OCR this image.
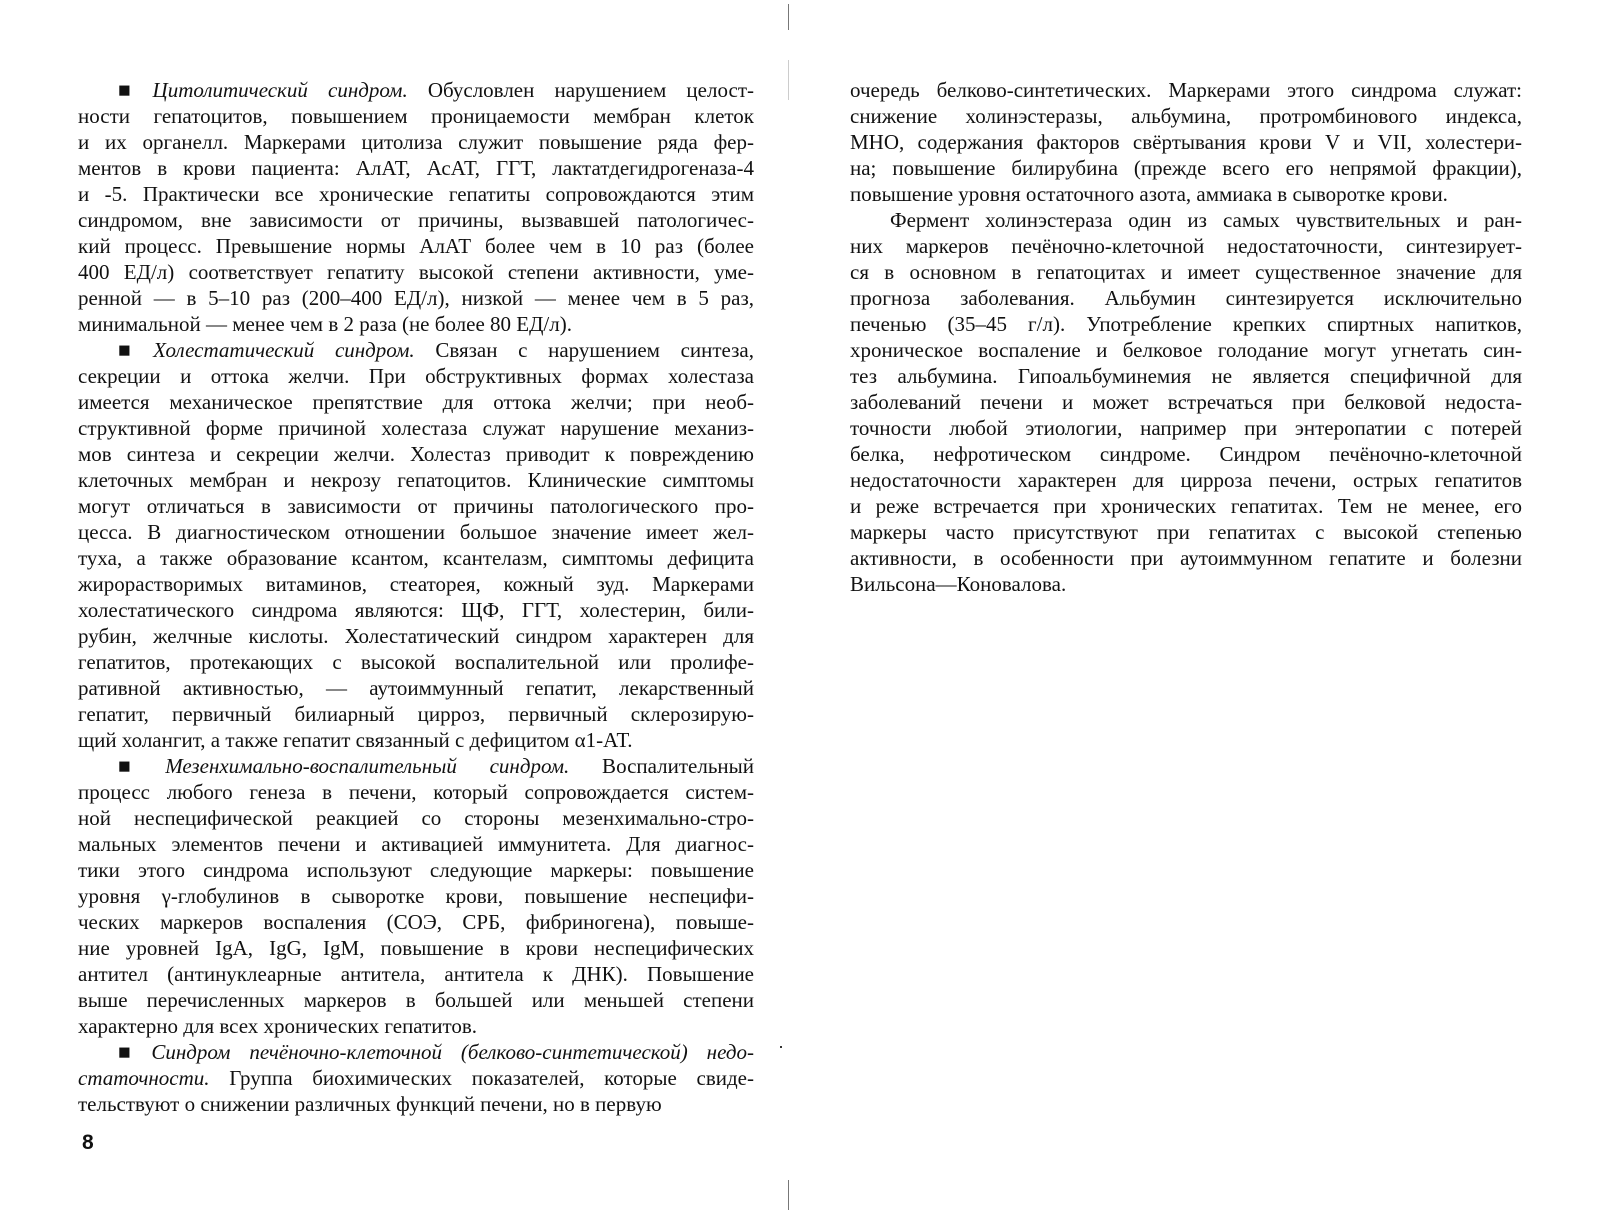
■ Цитолитический синдром. Обусловлен нарушением целост-
ности гепатоцитов, повышением проницаемости мембран клеток
и их органелл. Маркерами цитолиза служит повышение ряда фер-
ментов в крови пациента: АлАТ, АсАТ, ГГТ, лактатдегидрогеназа-4
и -5. Практически все хронические гепатиты сопровождаются этим
синдромом, вне зависимости от причины, вызвавшей патологичес-
кий процесс. Превышение нормы АлАТ более чем в 10 раз (более
400 ЕД/л) соответствует гепатиту высокой степени активности, уме-
ренной — в 5–10 раз (200–400 ЕД/л), низкой — менее чем в 5 раз,
минимальной — менее чем в 2 раза (не более 80 ЕД/л).
■ Холестатический синдром. Связан с нарушением синтеза,
секреции и оттока желчи. При обструктивных формах холестаза
имеется механическое препятствие для оттока желчи; при необ-
структивной форме причиной холестаза служат нарушение механиз-
мов синтеза и секреции желчи. Холестаз приводит к повреждению
клеточных мембран и некрозу гепатоцитов. Клинические симптомы
могут отличаться в зависимости от причины патологического про-
цесса. В диагностическом отношении большое значение имеет жел-
туха, а также образование ксантом, ксантелазм, симптомы дефицита
жирорастворимых витаминов, стеаторея, кожный зуд. Маркерами
холестатического синдрома являются: ЩФ, ГГТ, холестерин, били-
рубин, желчные кислоты. Холестатический синдром характерен для
гепатитов, протекающих с высокой воспалительной или пролифе-
ративной активностью, — аутоиммунный гепатит, лекарственный
гепатит, первичный билиарный цирроз, первичный склерозирую-
щий холангит, а также гепатит связанный с дефицитом α1-АТ.
■ Мезенхимально-воспалительный синдром. Воспалительный
процесс любого генеза в печени, который сопровождается систем-
ной неспецифической реакцией со стороны мезенхимально-стро-
мальных элементов печени и активацией иммунитета. Для диагнос-
тики этого синдрома используют следующие маркеры: повышение
уровня γ-глобулинов в сыворотке крови, повышение неспецифи-
ческих маркеров воспаления (СОЭ, СРБ, фибриногена), повыше-
ние уровней IgA, IgG, IgM, повышение в крови неспецифических
антител (антинуклеарные антитела, антитела к ДНК). Повышение
выше перечисленных маркеров в большей или меньшей степени
характерно для всех хронических гепатитов.
■ Синдром печёночно-клеточной (белково-синтетической) недо-
статочности. Группа биохимических показателей, которые свиде-
тельствуют о снижении различных функций печени, но в первую
8
очередь белково-синтетических. Маркерами этого синдрома служат:
снижение холинэстеразы, альбумина, протромбинового индекса,
МНО, содержания факторов свёртывания крови V и VII, холестери-
на; повышение билирубина (прежде всего его непрямой фракции),
повышение уровня остаточного азота, аммиака в сыворотке крови.
Фермент холинэстераза один из самых чувствительных и ран-
них маркеров печёночно-клеточной недостаточности, синтезирует-
ся в основном в гепатоцитах и имеет существенное значение для
прогноза заболевания. Альбумин синтезируется исключительно
печенью (35–45 г/л). Употребление крепких спиртных напитков,
хроническое воспаление и белковое голодание могут угнетать син-
тез альбумина. Гипоальбуминемия не является специфичной для
заболеваний печени и может встречаться при белковой недоста-
точности любой этиологии, например при энтеропатии с потерей
белка, нефротическом синдроме. Синдром печёночно-клеточной
недостаточности характерен для цирроза печени, острых гепатитов
и реже встречается при хронических гепатитах. Тем не менее, его
маркеры часто присутствуют при гепатитах с высокой степенью
активности, в особенности при аутоиммунном гепатите и болезни
Вильсона—Коновалова.
